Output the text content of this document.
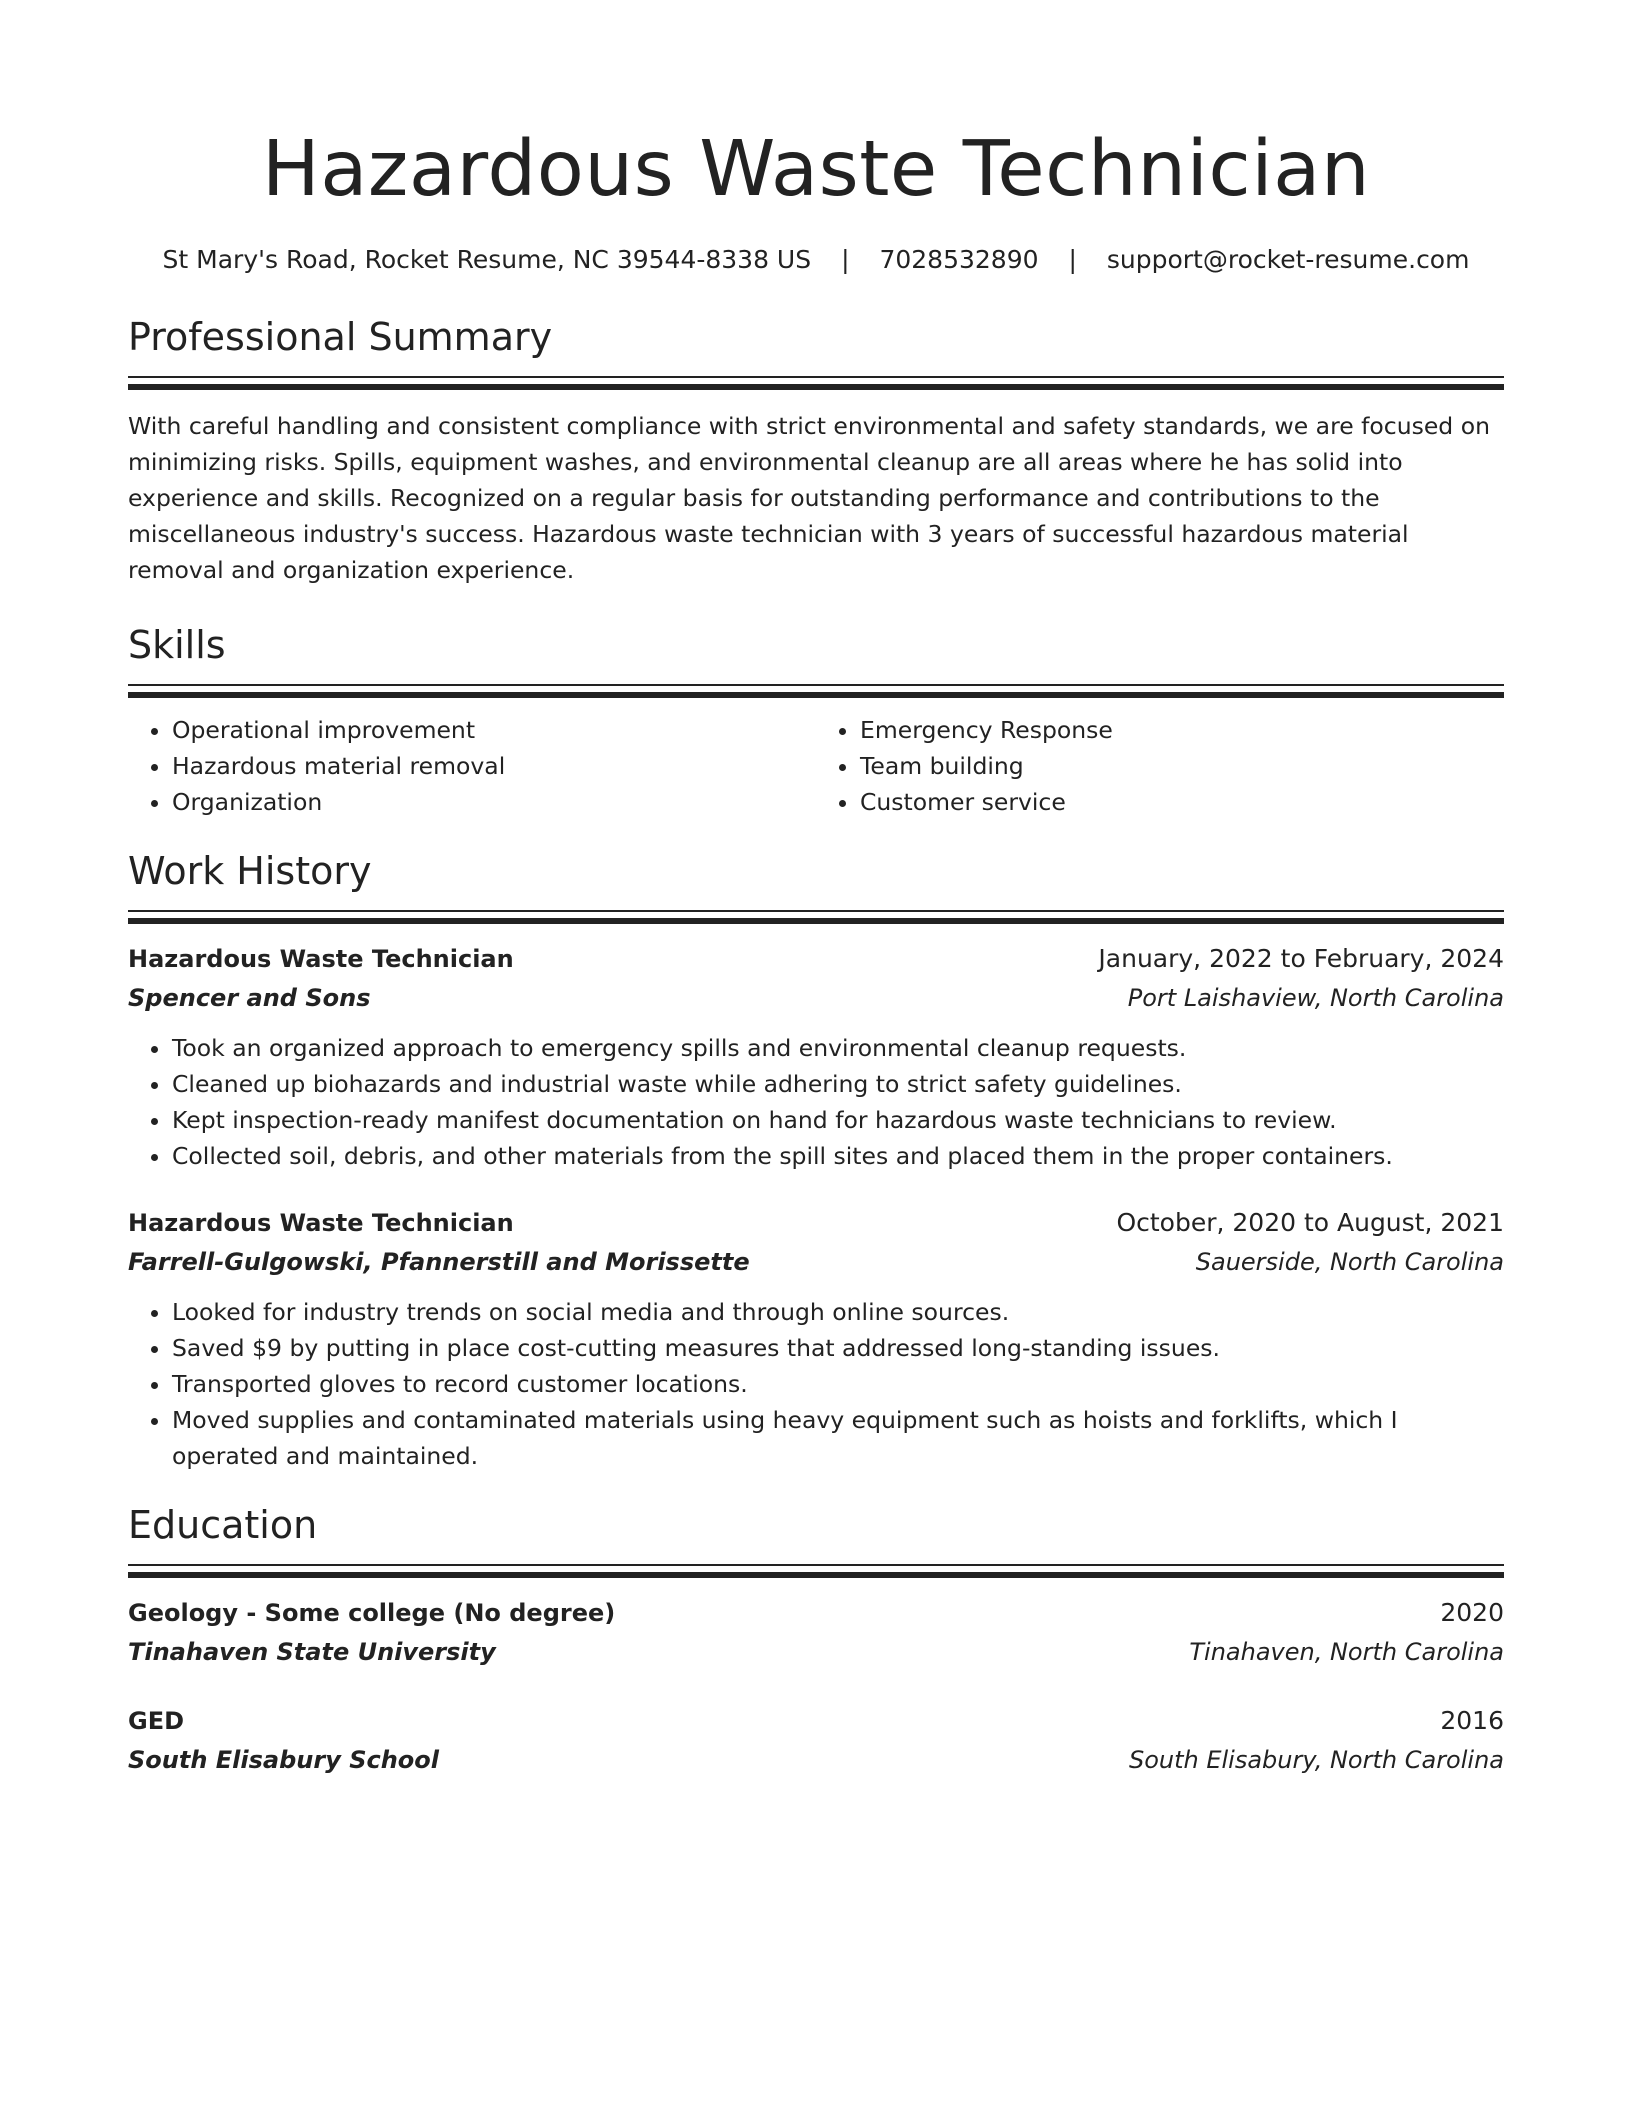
Hazardous Waste Technician
St Mary's Road, Rocket Resume, NC 39544-8338 US | 7028532890 | support@rocket-resume.com
Professional Summary

With careful handling and consistent compliance with strict environmental and safety standards, we are focused on minimizing risks. Spills, equipment washes, and environmental cleanup are all areas where he has solid into experience and skills. Recognized on a regular basis for outstanding performance and contributions to the miscellaneous industry's success. Hazardous waste technician with 3 years of successful hazardous material removal and organization experience.

Skills
• Operational improvement
• Hazardous material removal
• Organization
• Emergency Response
• Team building
• Customer service
Work History
Hazardous Waste Technician	January, 2022 to February, 2024
Spencer and Sons	Port Laishaview, North Carolina
• Took an organized approach to emergency spills and environmental cleanup requests.
• Cleaned up biohazards and industrial waste while adhering to strict safety guidelines.
• Kept inspection-ready manifest documentation on hand for hazardous waste technicians to review.
• Collected soil, debris, and other materials from the spill sites and placed them in the proper containers.
Hazardous Waste Technician	October, 2020 to August, 2021
Farrell-Gulgowski, Pfannerstill and Morissette	Sauerside, North Carolina
• Looked for industry trends on social media and through online sources.
• Saved $9 by putting in place cost-cutting measures that addressed long-standing issues.
• Transported gloves to record customer locations.
• Moved supplies and contaminated materials using heavy equipment such as hoists and forklifts, which I operated and maintained.
Education
Geology - Some college (No degree)	2020
Tinahaven State University	Tinahaven, North Carolina
GED	2016
South Elisabury School	South Elisabury, North Carolina
